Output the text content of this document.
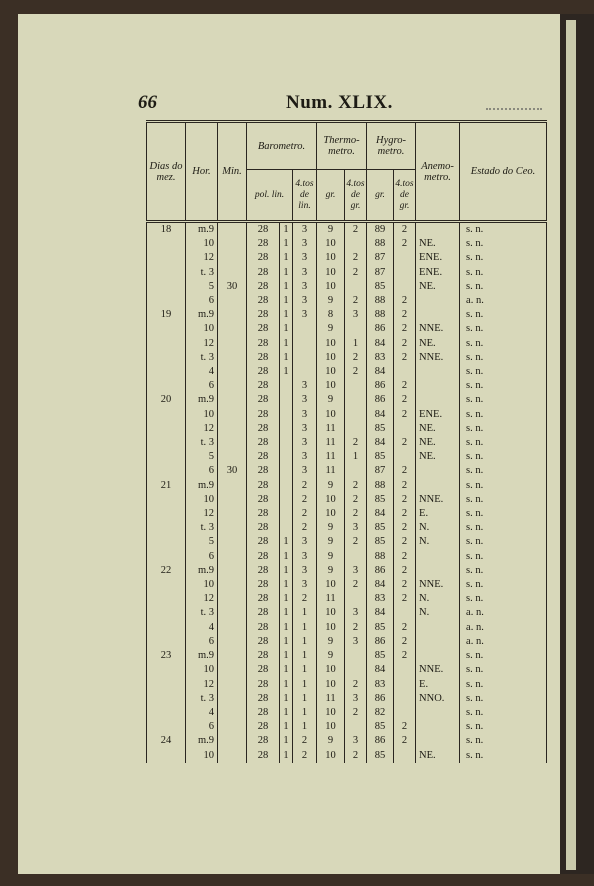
66	Num. XLIX.
Dias do mez.	Hor.	Min.	Barometro.			Thermo- metro.		Hygro- metro.		Anemo- metro.	Estado do Ceo.
			pol. lin.		4.tos de lin.	gr.	4.tos de gr.	gr.	4.tos de gr.		
18	m.9		28	1	3	9	2	89	2		s. n.
	10		28	1	3	10		88	2	NE.	s. n.
	12		28	1	3	10	2	87		ENE.	s. n.
	t. 3		28	1	3	10	2	87		ENE.	s. n.
	5	30	28	1	3	10		85		NE.	s. n.
	6		28	1	3	9	2	88	2		a. n.
19	m.9		28	1	3	8	3	88	2		s. n.
	10		28	1		9		86	2	NNE.	s. n.
	12		28	1		10	1	84	2	NE.	s. n.
	t. 3		28	1		10	2	83	2	NNE.	s. n.
	4		28	1		10	2	84			s. n.
	6		28		3	10		86	2		s. n.
20	m.9		28		3	9		86	2		s. n.
	10		28		3	10		84	2	ENE.	s. n.
	12		28		3	11		85		NE.	s. n.
	t. 3		28		3	11	2	84	2	NE.	s. n.
	5		28		3	11	1	85		NE.	s. n.
	6	30	28		3	11		87	2		s. n.
21	m.9		28		2	9	2	88	2		s. n.
	10		28		2	10	2	85	2	NNE.	s. n.
	12		28		2	10	2	84	2	E.	s. n.
	t. 3		28		2	9	3	85	2	N.	s. n.
	5		28	1	3	9	2	85	2	N.	s. n.
	6		28	1	3	9		88	2		s. n.
22	m.9		28	1	3	9	3	86	2		s. n.
	10		28	1	3	10	2	84	2	NNE.	s. n.
	12		28	1	2	11		83	2	N.	s. n.
	t. 3		28	1	1	10	3	84		N.	a. n.
	4		28	1	1	10	2	85	2		a. n.
	6		28	1	1	9	3	86	2		a. n.
23	m.9		28	1	1	9		85	2		s. n.
	10		28	1	1	10		84		NNE.	s. n.
	12		28	1	1	10	2	83		E.	s. n.
	t. 3		28	1	1	11	3	86		NNO.	s. n.
	4		28	1	1	10	2	82			s. n.
	6		28	1	1	10		85	2		s. n.
24	m.9		28	1	2	9	3	86	2		s. n.
	10		28	1	2	10	2	85		NE.	s. n.
